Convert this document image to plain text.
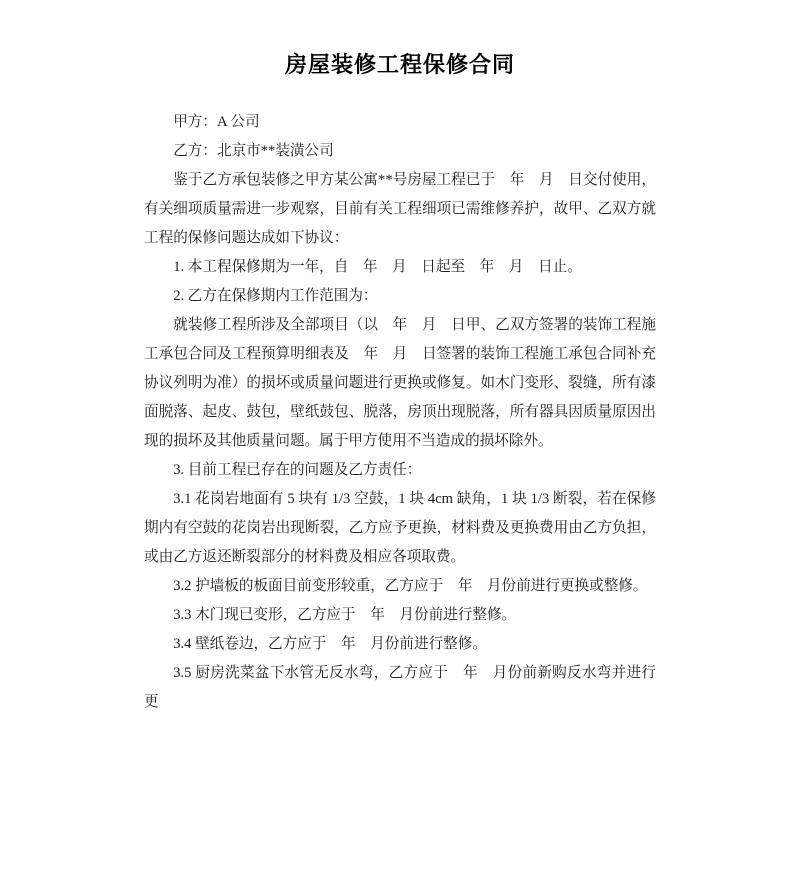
房屋装修工程保修合同

甲方：A 公司

乙方：北京市**装潢公司

鉴于乙方承包装修之甲方某公寓**号房屋工程已于　年　月　日交付使用，有关细项质量需进一步观察，目前有关工程细项已需维修养护，故甲、乙双方就工程的保修问题达成如下协议：

1. 本工程保修期为一年，自　年　月　日起至　年　月　日止。

2. 乙方在保修期内工作范围为：

就装修工程所涉及全部项目（以　年　月　日甲、乙双方签署的装饰工程施工承包合同及工程预算明细表及　年　月　日签署的装饰工程施工承包合同补充协议列明为准）的损坏或质量问题进行更换或修复。如木门变形、裂缝，所有漆面脱落、起皮、鼓包，壁纸鼓包、脱落，房顶出现脱落，所有器具因质量原因出现的损坏及其他质量问题。属于甲方使用不当造成的损坏除外。

3. 目前工程已存在的问题及乙方责任：

3.1 花岗岩地面有 5 块有 1/3 空鼓，1 块 4cm 缺角，1 块 1/3 断裂，若在保修期内有空鼓的花岗岩出现断裂，乙方应予更换，材料费及更换费用由乙方负担，或由乙方返还断裂部分的材料费及相应各项取费。

3.2 护墙板的板面目前变形较重，乙方应于　年　月份前进行更换或整修。

3.3 木门现已变形，乙方应于　年　月份前进行整修。

3.4 壁纸卷边，乙方应于　年　月份前进行整修。

3.5 厨房洗菜盆下水管无反水弯，乙方应于　年　月份前新购反水弯并进行更
